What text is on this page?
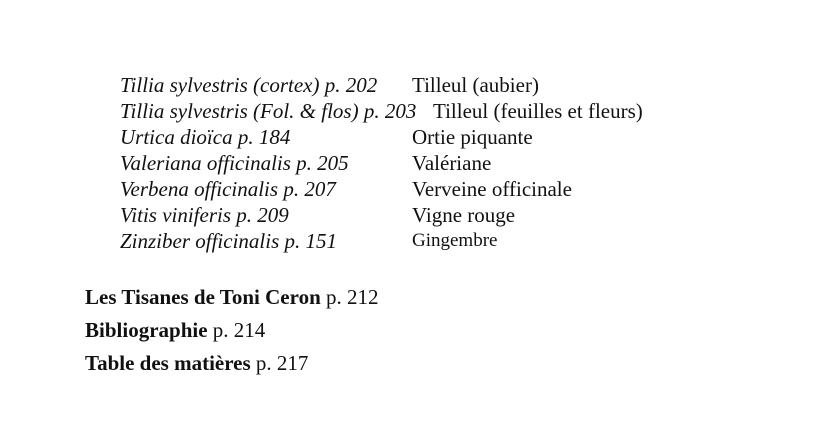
Tillia sylvestris (cortex) p. 202 Tilleul (aubier)
Tillia sylvestris (Fol. & flos) p. 203 Tilleul (feuilles et fleurs)
Urtica dioïca p. 184	Ortie piquante
Valeriana officinalis p. 205	Valériane
Verbena officinalis p. 207	Verveine officinale
Vitis viniferis p. 209	Vigne rouge
Zinziber officinalis p. 151	Gingembre
Les Tisanes de Toni Ceron p. 212
Bibliographie p. 214
Table des matières p. 217
